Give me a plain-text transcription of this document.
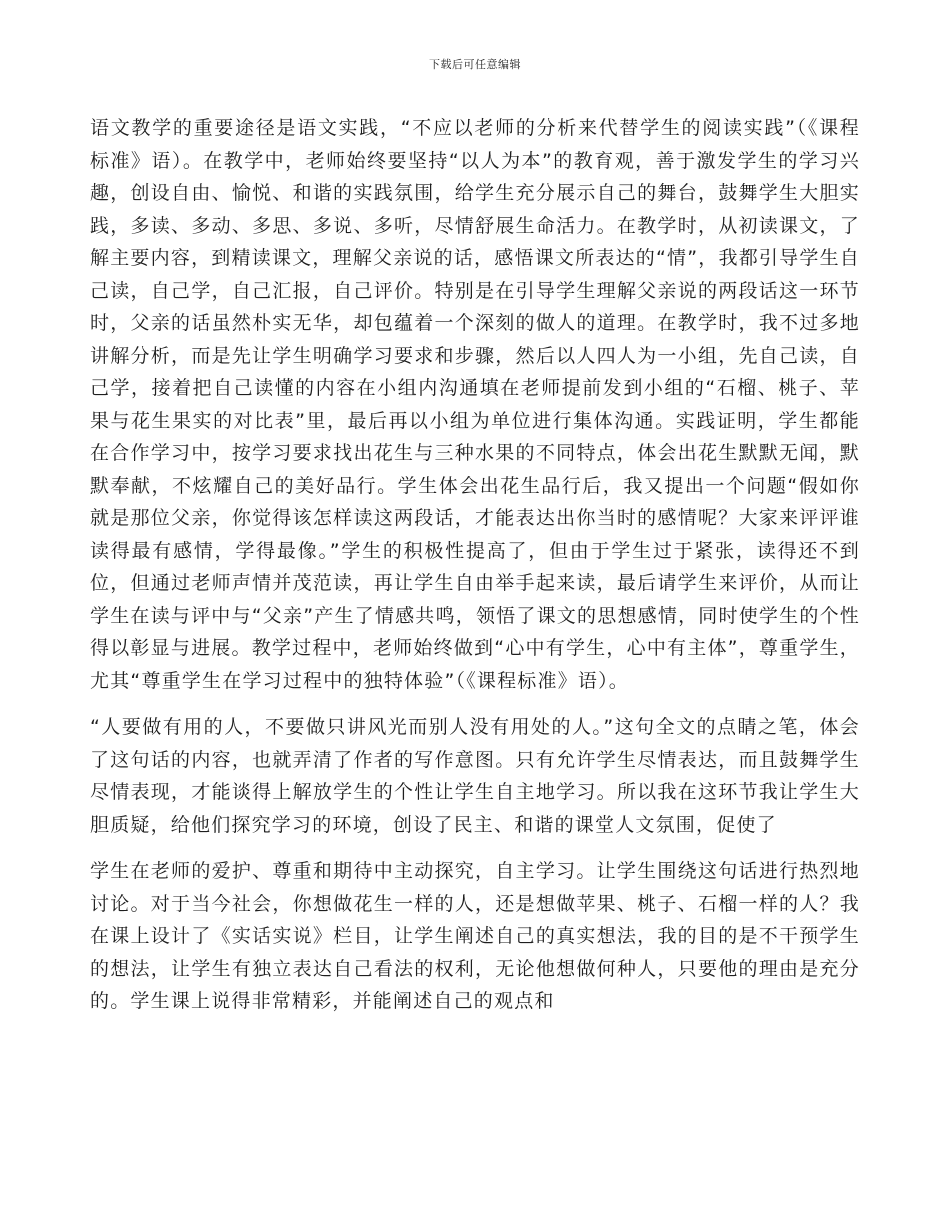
下载后可任意编辑

语文教学的重要途径是语文实践，“不应以老师的分析来代替学生的阅读实践”（《课程标准》语）。在教学中，老师始终要坚持“以人为本”的教育观，善于激发学生的学习兴趣，创设自由、愉悦、和谐的实践氛围，给学生充分展示自己的舞台，鼓舞学生大胆实践，多读、多动、多思、多说、多听，尽情舒展生命活力。在教学时，从初读课文，了解主要内容，到精读课文，理解父亲说的话，感悟课文所表达的“情”，我都引导学生自己读，自己学，自己汇报，自己评价。特别是在引导学生理解父亲说的两段话这一环节时，父亲的话虽然朴实无华，却包蕴着一个深刻的做人的道理。在教学时，我不过多地讲解分析，而是先让学生明确学习要求和步骤，然后以人四人为一小组，先自己读，自己学，接着把自己读懂的内容在小组内沟通填在老师提前发到小组的“石榴、桃子、苹果与花生果实的对比表”里，最后再以小组为单位进行集体沟通。实践证明，学生都能在合作学习中，按学习要求找出花生与三种水果的不同特点，体会出花生默默无闻，默默奉献，不炫耀自己的美好品行。学生体会出花生品行后，我又提出一个问题“假如你就是那位父亲，你觉得该怎样读这两段话，才能表达出你当时的感情呢？大家来评评谁读得最有感情，学得最像。”学生的积极性提高了，但由于学生过于紧张，读得还不到位，但通过老师声情并茂范读，再让学生自由举手起来读，最后请学生来评价，从而让学生在读与评中与“父亲”产生了情感共鸣，领悟了课文的思想感情，同时使学生的个性得以彰显与进展。教学过程中，老师始终做到“心中有学生，心中有主体”，尊重学生，尤其“尊重学生在学习过程中的独特体验”（《课程标准》语）。

“人要做有用的人，不要做只讲风光而别人没有用处的人。”这句全文的点睛之笔，体会了这句话的内容，也就弄清了作者的写作意图。只有允许学生尽情表达，而且鼓舞学生尽情表现，才能谈得上解放学生的个性让学生自主地学习。所以我在这环节我让学生大胆质疑，给他们探究学习的环境，创设了民主、和谐的课堂人文氛围，促使了

学生在老师的爱护、尊重和期待中主动探究，自主学习。让学生围绕这句话进行热烈地讨论。对于当今社会，你想做花生一样的人，还是想做苹果、桃子、石榴一样的人？我在课上设计了《实话实说》栏目，让学生阐述自己的真实想法，我的目的是不干预学生的想法，让学生有独立表达自己看法的权利，无论他想做何种人，只要他的理由是充分的。学生课上说得非常精彩，并能阐述自己的观点和
